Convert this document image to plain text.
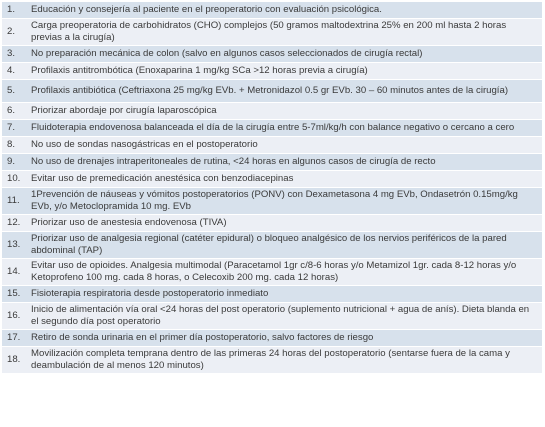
1.	Educación y consejería al paciente en el preoperatorio con evaluación psicológica.
2.	Carga preoperatoria de carbohidratos (CHO) complejos (50 gramos maltodextrina 25% en 200 ml hasta 2 horas previas a la cirugía)
3.	No preparación mecánica de colon (salvo en algunos casos seleccionados de cirugía rectal)
4.	Profilaxis antitrombótica (Enoxaparina 1 mg/kg SCa >12 horas previa a cirugía)
5.	Profilaxis antibiótica (Ceftriaxona 25 mg/kg EVb. + Metronidazol 0.5 gr EVb. 30 – 60 minutos antes de la cirugía)
6.	Priorizar abordaje por cirugía laparoscópica
7.	Fluidoterapia endovenosa balanceada el día de la cirugía entre 5-7ml/kg/h con balance negativo o cercano a cero
8.	No uso de sondas nasogástricas en el postoperatorio
9.	No uso de drenajes intraperitoneales de rutina, <24 horas en algunos casos de cirugía de recto
10.	Evitar uso de premedicación anestésica con benzodiacepinas
11.	1Prevención de náuseas y vómitos postoperatorios (PONV) con Dexametasona 4 mg EVb, Ondasetrón 0.15mg/kg EVb, y/o Metoclopramida 10 mg. EVb
12.	Priorizar uso de anestesia endovenosa (TIVA)
13.	Priorizar uso de analgesia regional (catéter epidural) o bloqueo analgésico de los nervios periféricos de la pared abdominal (TAP)
14.	Evitar uso de opioides. Analgesia multimodal (Paracetamol 1gr c/8-6 horas y/o Metamizol 1gr. cada 8-12 horas y/o Ketoprofeno 100 mg. cada 8 horas, o Celecoxib 200 mg. cada 12 horas)
15.	Fisioterapia respiratoria desde postoperatorio inmediato
16.	Inicio de alimentación vía oral <24 horas del post operatorio (suplemento nutricional + agua de anís). Dieta blanda en el segundo día post operatorio
17.	Retiro de sonda urinaria en el primer día postoperatorio, salvo factores de riesgo
18.	Movilización completa temprana dentro de las primeras 24 horas del postoperatorio (sentarse fuera de la cama y deambulación de al menos 120 minutos)
